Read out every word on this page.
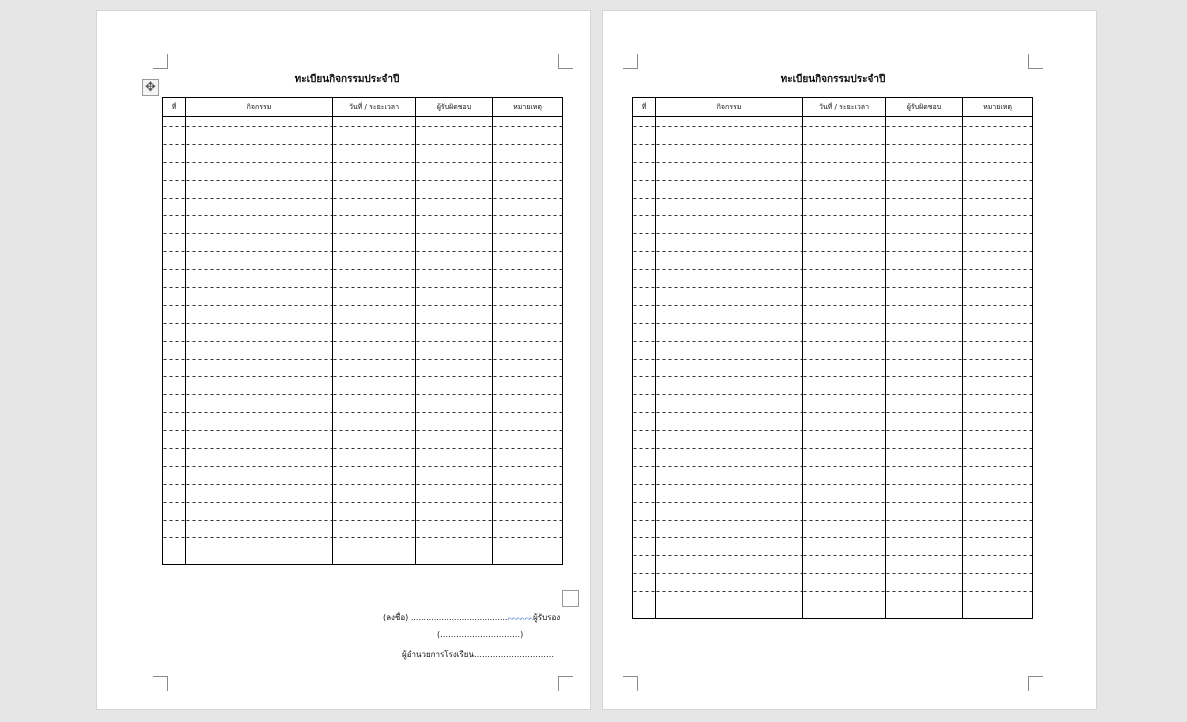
✥
ทะเบียนกิจกรรมประจำปี
ที่	กิจกรรม	วันที่ / ระยะเวลา	ผู้รับผิดชอบ	หมายเหตุ

(ลงชื่อ) ......................................ᨓᨓᨓผู้รับรอง
(…………………………)
ผู้อำนวยการโรงเรียน…………………………
ทะเบียนกิจกรรมประจำปี
ที่	กิจกรรม	วันที่ / ระยะเวลา	ผู้รับผิดชอบ	หมายเหตุ
